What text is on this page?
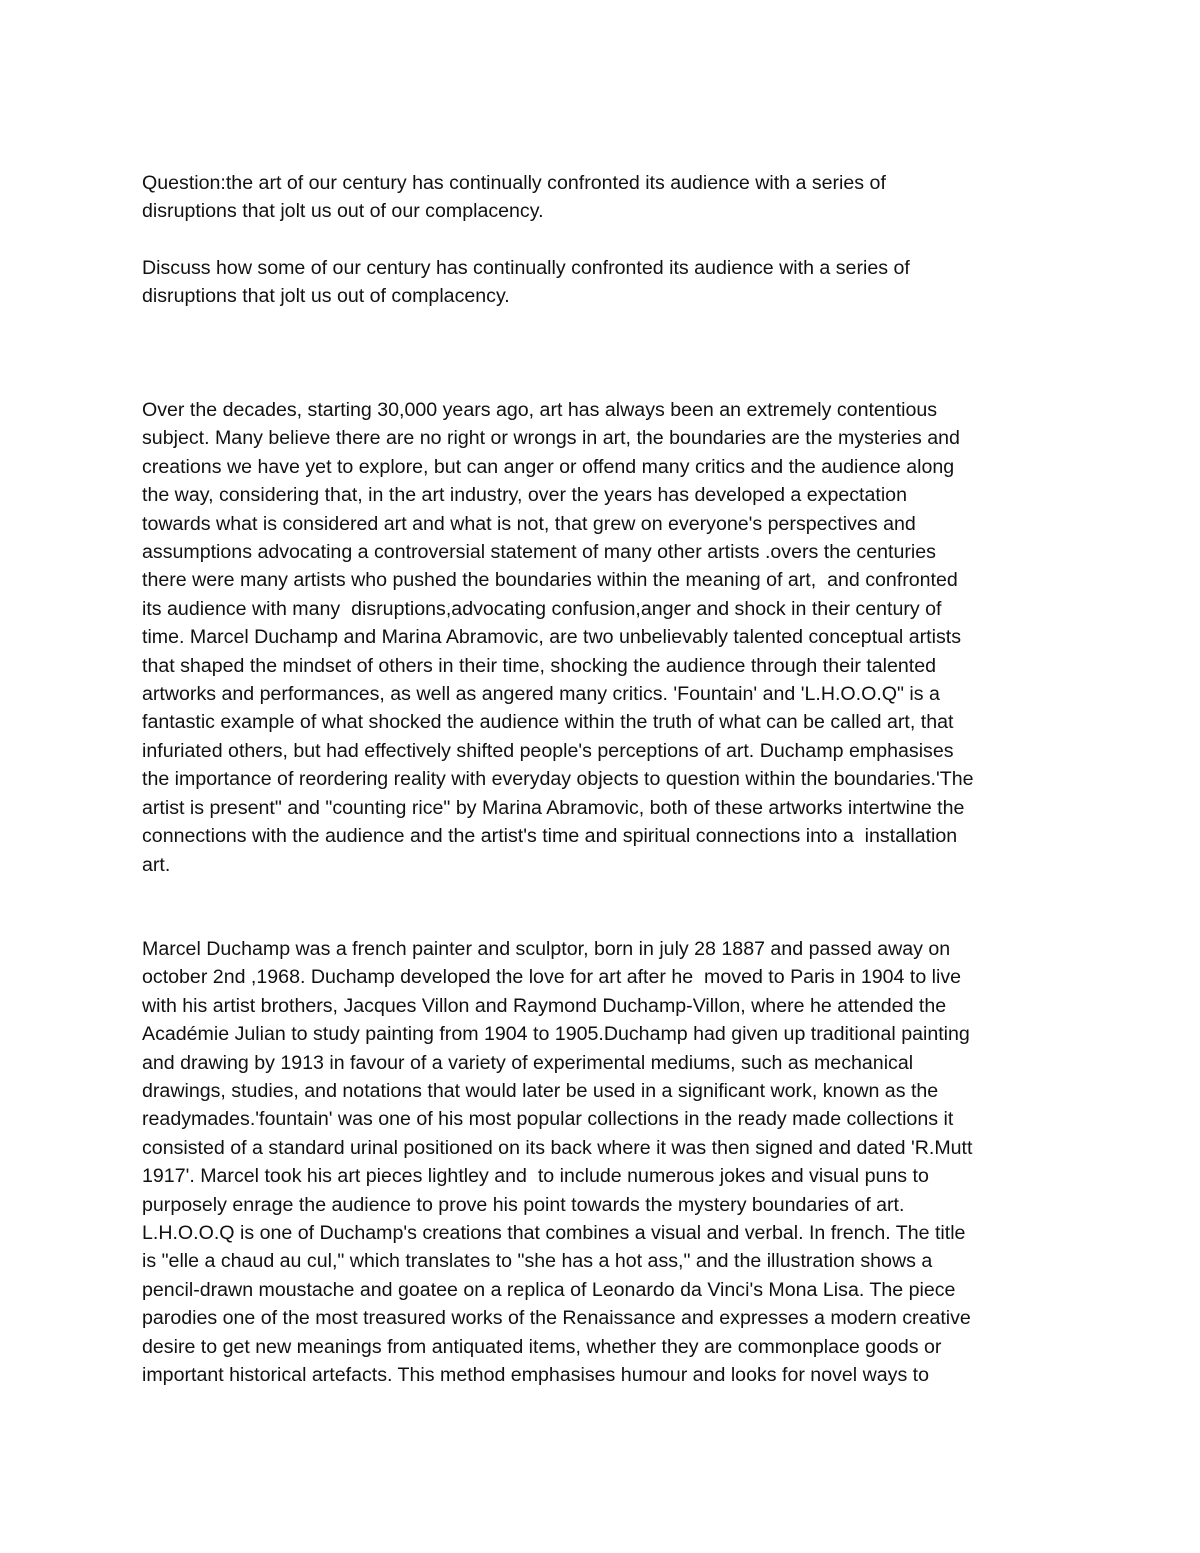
Question:the art of our century has continually confronted its audience with a series of
disruptions that jolt us out of our complacency.
Discuss how some of our century has continually confronted its audience with a series of
disruptions that jolt us out of complacency.
Over the decades, starting 30,000 years ago, art has always been an extremely contentious
subject. Many believe there are no right or wrongs in art, the boundaries are the mysteries and
creations we have yet to explore, but can anger or offend many critics and the audience along
the way, considering that, in the art industry, over the years has developed a expectation
towards what is considered art and what is not, that grew on everyone's perspectives and
assumptions advocating a controversial statement of many other artists .overs the centuries
there were many artists who pushed the boundaries within the meaning of art,  and confronted
its audience with many  disruptions,advocating confusion,anger and shock in their century of
time. Marcel Duchamp and Marina Abramovic, are two unbelievably talented conceptual artists
that shaped the mindset of others in their time, shocking the audience through their talented
artworks and performances, as well as angered many critics. 'Fountain' and 'L.H.O.O.Q" is a
fantastic example of what shocked the audience within the truth of what can be called art, that
infuriated others, but had effectively shifted people's perceptions of art. Duchamp emphasises
the importance of reordering reality with everyday objects to question within the boundaries.'The
artist is present" and "counting rice" by Marina Abramovic, both of these artworks intertwine the
connections with the audience and the artist's time and spiritual connections into a  installation
art.
Marcel Duchamp was a french painter and sculptor, born in july 28 1887 and passed away on
october 2nd ,1968. Duchamp developed the love for art after he  moved to Paris in 1904 to live
with his artist brothers, Jacques Villon and Raymond Duchamp-Villon, where he attended the
Académie Julian to study painting from 1904 to 1905.Duchamp had given up traditional painting
and drawing by 1913 in favour of a variety of experimental mediums, such as mechanical
drawings, studies, and notations that would later be used in a significant work, known as the
readymades.'fountain' was one of his most popular collections in the ready made collections it
consisted of a standard urinal positioned on its back where it was then signed and dated 'R.Mutt
1917'. Marcel took his art pieces lightley and  to include numerous jokes and visual puns to
purposely enrage the audience to prove his point towards the mystery boundaries of art.
L.H.O.O.Q is one of Duchamp's creations that combines a visual and verbal. In french. The title
is "elle a chaud au cul," which translates to "she has a hot ass," and the illustration shows a
pencil-drawn moustache and goatee on a replica of Leonardo da Vinci's Mona Lisa. The piece
parodies one of the most treasured works of the Renaissance and expresses a modern creative
desire to get new meanings from antiquated items, whether they are commonplace goods or
important historical artefacts. This method emphasises humour and looks for novel ways to
